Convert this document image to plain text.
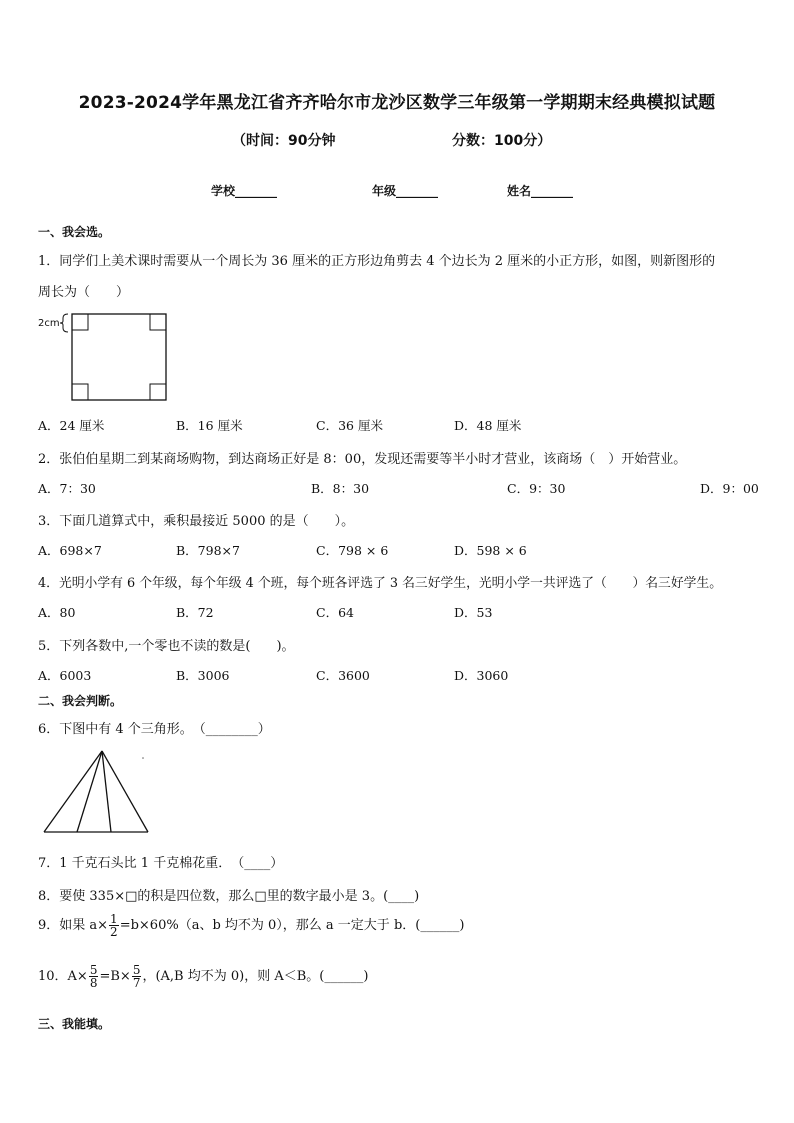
2023-2024学年黑龙江省齐齐哈尔市龙沙区数学三年级第一学期期末经典模拟试题
（时间：90分钟	分数：100分）
学校_______	年级_______	姓名_______
一、我会选。
1．同学们上美术课时需要从一个周长为 36 厘米的正方形边角剪去 4 个边长为 2 厘米的小正方形，如图，则新图形的
周长为（　　）
2cm
A．24 厘米	B．16 厘米	C．36 厘米	D．48 厘米
2．张伯伯星期二到某商场购物，到达商场正好是 8：00，发现还需要等半小时才营业，该商场（　）开始营业。
A．7：30	B．8：30	C．9：30	D．9：00
3．下面几道算式中，乘积最接近 5000 的是（　　）。
A．698×7	B．798×7	C．798 × 6	D．598 × 6
4．光明小学有 6 个年级，每个年级 4 个班，每个班各评选了 3 名三好学生，光明小学一共评选了（　　）名三好学生。
A．80	B．72	C．64	D．53
5．下列各数中,一个零也不读的数是(　　)。
A．6003	B．3006	C．3600	D．3060
二、我会判断。
6．下图中有 4 个三角形。　（________）
7．1 千克石头比 1 千克棉花重．　（____）
8．要使 335×□的积是四位数，那么□里的数字最小是 3。(____)
9．如果 $a\times \frac{1}{2} =b\times 60\%(a$、b 均不为 0），那么 a 一定大于 b．(______)
10．$A\times \frac{5}{8} =B\times \frac{5}{7}$ ，(A,B 均不为 0)，则 A＜B。(______)
三、我能填。
